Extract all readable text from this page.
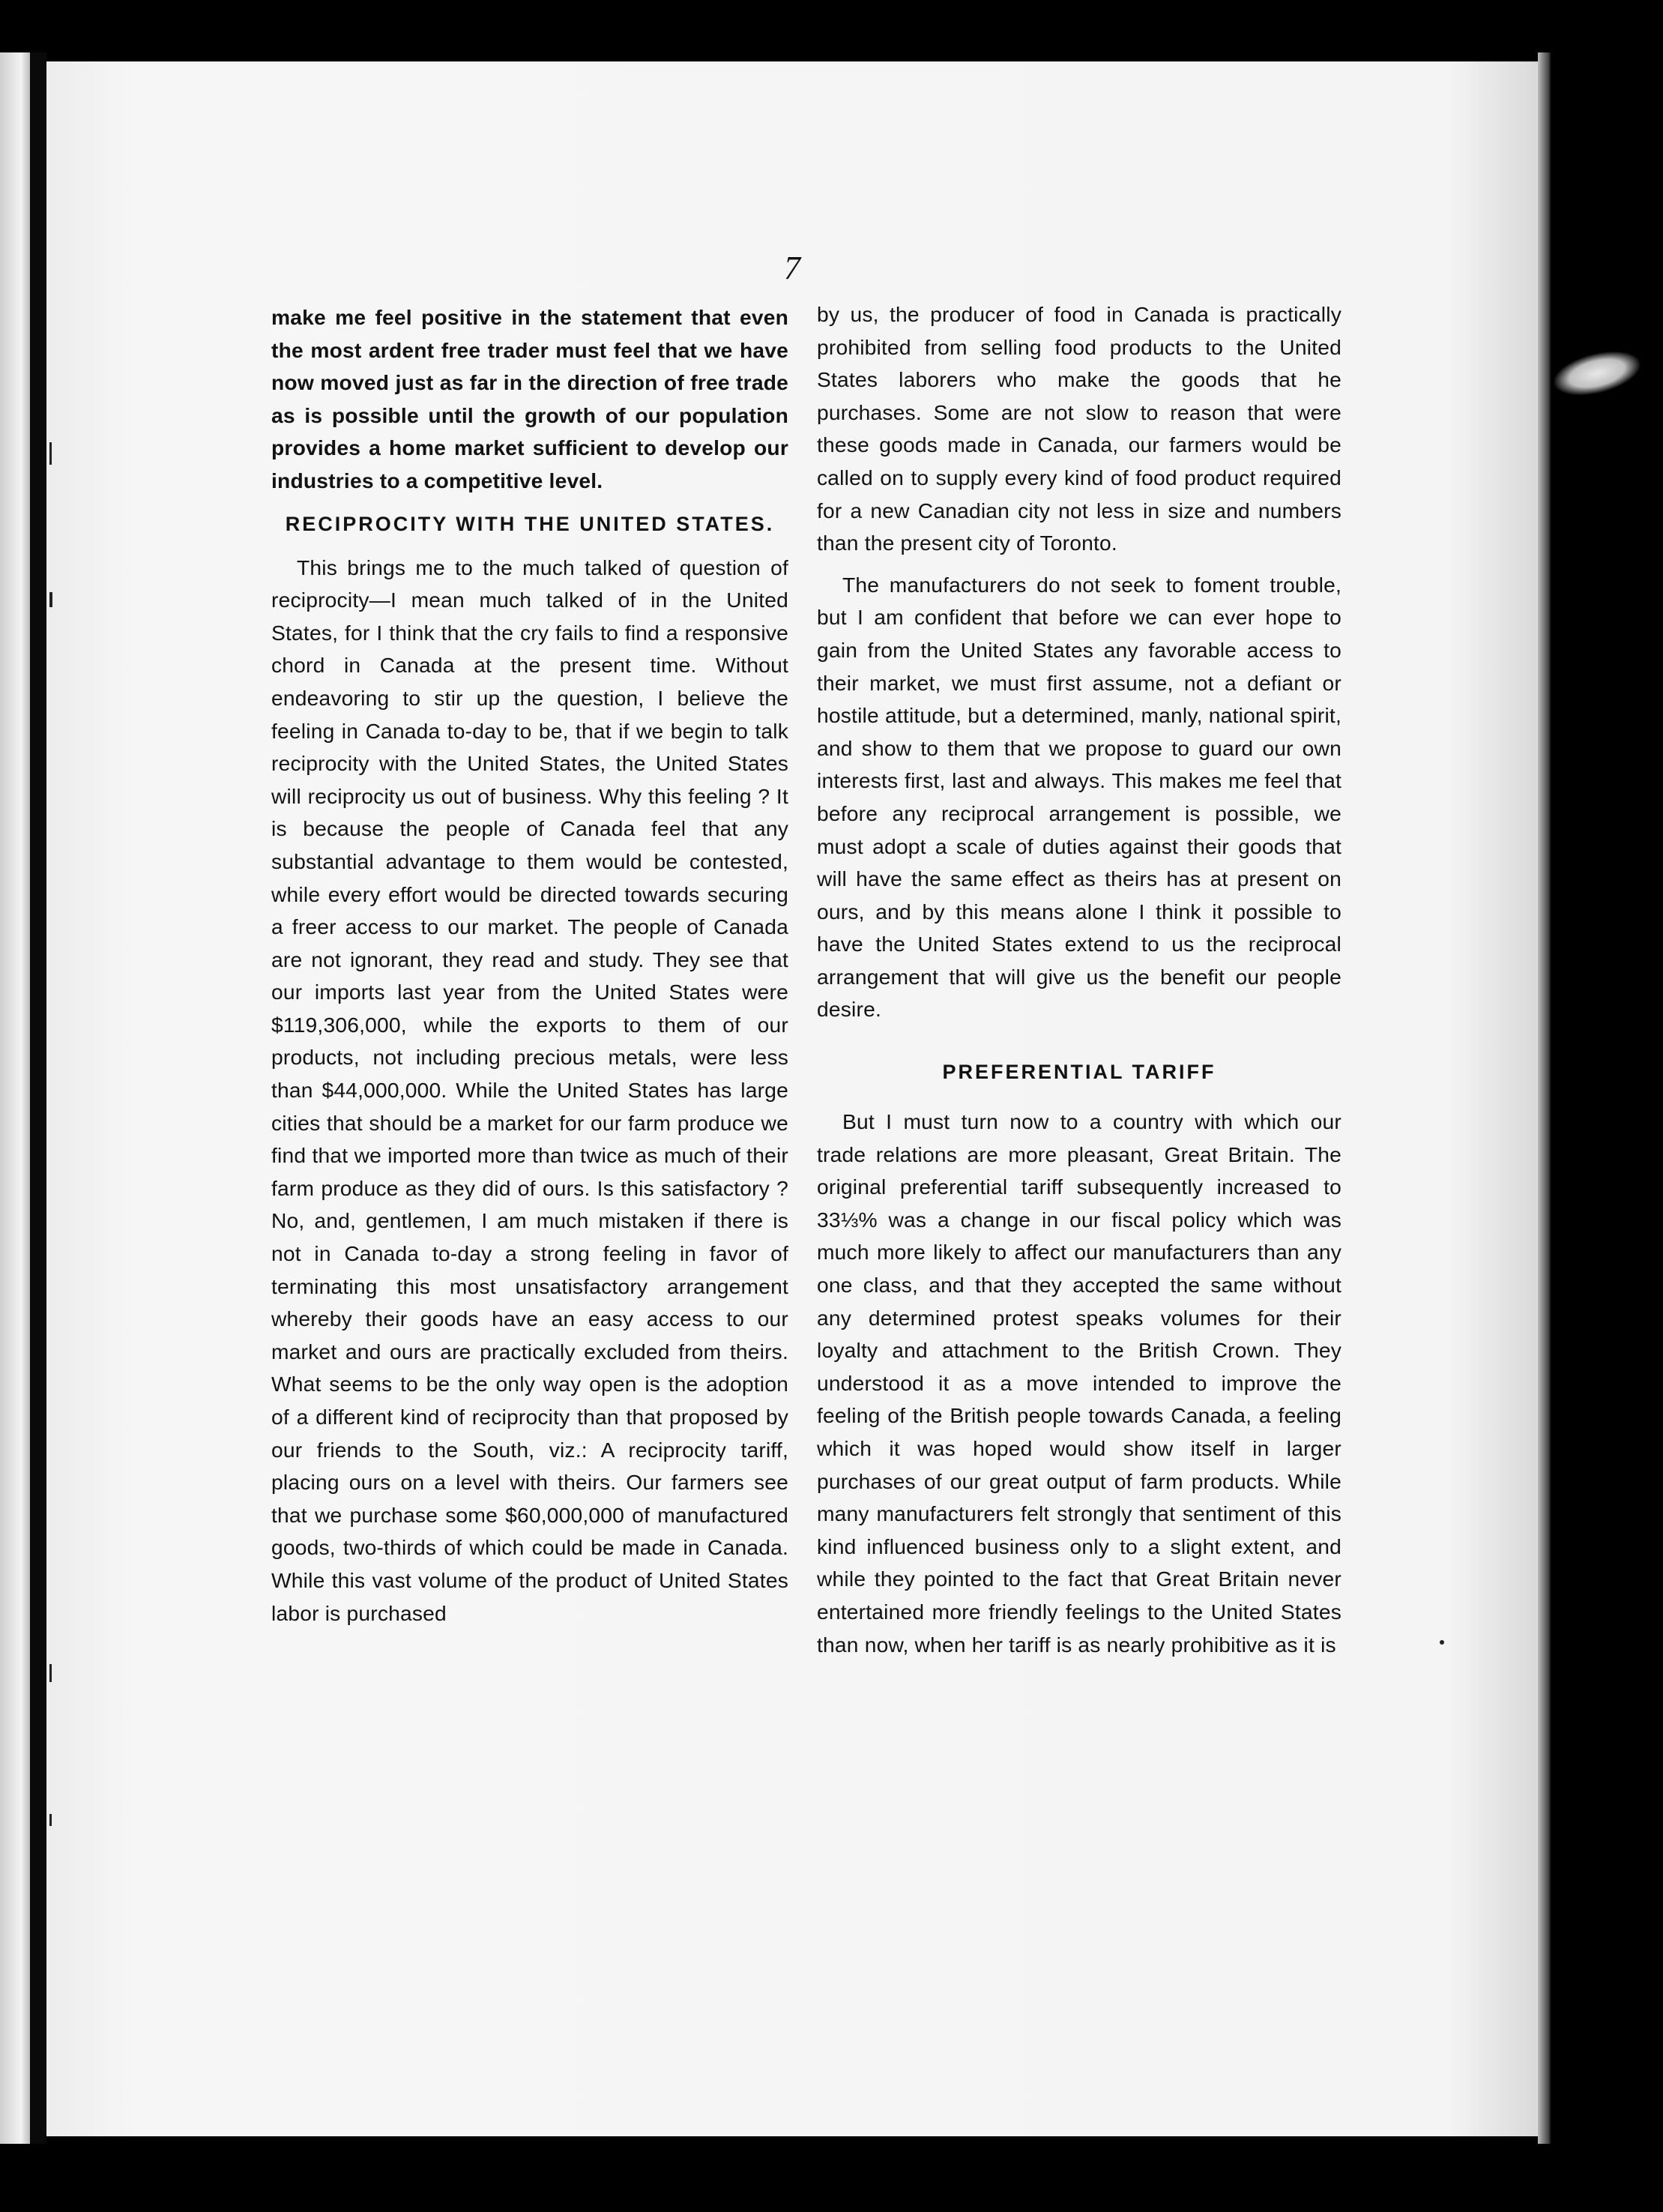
7

make me feel positive in the statement that even the most ardent free trader must feel that we have now moved just as far in the direction of free trade as is possible until the growth of our population provides a home market sufficient to develop our industries to a competitive level.

RECIPROCITY WITH THE UNITED STATES.

This brings me to the much talked of question of reciprocity—I mean much talked of in the United States, for I think that the cry fails to find a responsive chord in Canada at the present time. Without endeavoring to stir up the question, I believe the feeling in Canada to-day to be, that if we begin to talk reciprocity with the United States, the United States will reciprocity us out of business. Why this feeling ? It is because the people of Canada feel that any substantial advantage to them would be contested, while every effort would be directed towards securing a freer access to our market. The people of Canada are not ignorant, they read and study. They see that our imports last year from the United States were $119,306,000, while the exports to them of our products, not including precious metals, were less than $44,000,000. While the United States has large cities that should be a market for our farm produce we find that we imported more than twice as much of their farm produce as they did of ours. Is this satisfactory ? No, and, gentlemen, I am much mistaken if there is not in Canada to-day a strong feeling in favor of terminating this most unsatisfactory arrangement whereby their goods have an easy access to our market and ours are practically excluded from theirs. What seems to be the only way open is the adoption of a different kind of reciprocity than that proposed by our friends to the South, viz.: A reciprocity tariff, placing ours on a level with theirs. Our farmers see that we purchase some $60,000,000 of manufactured goods, two-thirds of which could be made in Canada. While this vast volume of the product of United States labor is purchased

by us, the producer of food in Canada is practically prohibited from selling food products to the United States laborers who make the goods that he purchases. Some are not slow to reason that were these goods made in Canada, our farmers would be called on to supply every kind of food product required for a new Canadian city not less in size and numbers than the present city of Toronto.

The manufacturers do not seek to foment trouble, but I am confident that before we can ever hope to gain from the United States any favorable access to their market, we must first assume, not a defiant or hostile attitude, but a determined, manly, national spirit, and show to them that we propose to guard our own interests first, last and always. This makes me feel that before any reciprocal arrangement is possible, we must adopt a scale of duties against their goods that will have the same effect as theirs has at present on ours, and by this means alone I think it possible to have the United States extend to us the reciprocal arrangement that will give us the benefit our people desire.

PREFERENTIAL TARIFF

But I must turn now to a country with which our trade relations are more pleasant, Great Britain. The original preferential tariff subsequently increased to 33⅓% was a change in our fiscal policy which was much more likely to affect our manufacturers than any one class, and that they accepted the same without any determined protest speaks volumes for their loyalty and attachment to the British Crown. They understood it as a move intended to improve the feeling of the British people towards Canada, a feeling which it was hoped would show itself in larger purchases of our great output of farm products. While many manufacturers felt strongly that sentiment of this kind influenced business only to a slight extent, and while they pointed to the fact that Great Britain never entertained more friendly feelings to the United States than now, when her tariff is as nearly prohibitive as it is
